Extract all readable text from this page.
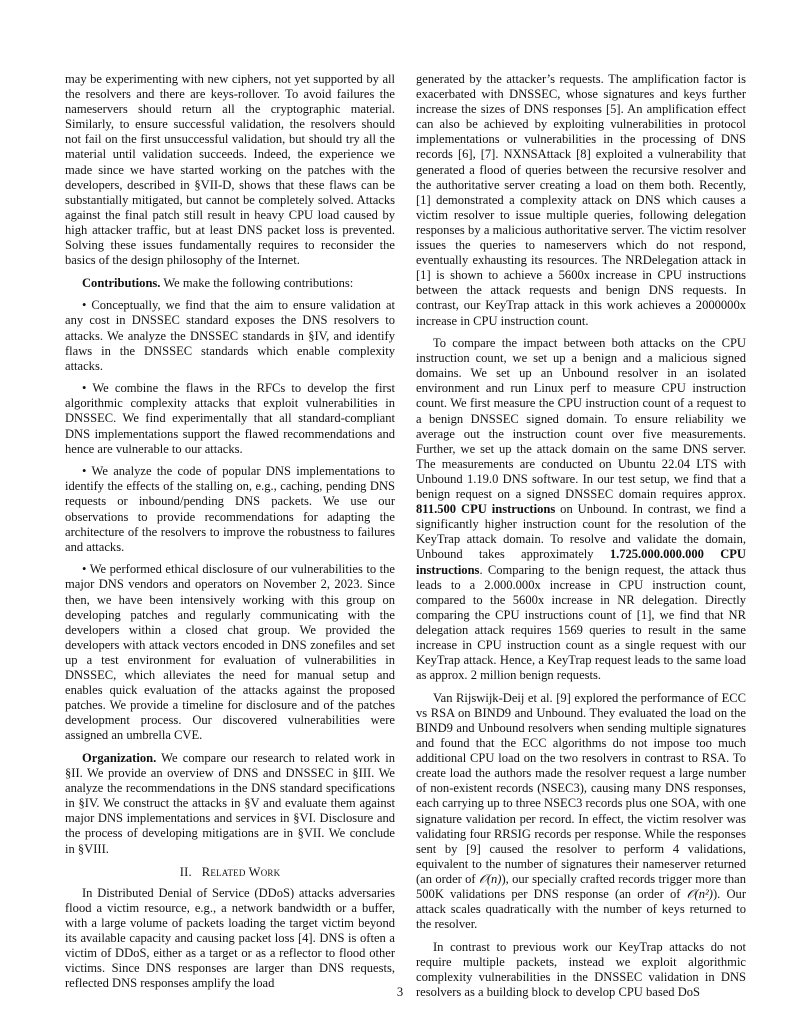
may be experimenting with new ciphers, not yet supported by all the resolvers and there are keys-rollover. To avoid failures the nameservers should return all the cryptographic material. Similarly, to ensure successful validation, the resolvers should not fail on the first unsuccessful validation, but should try all the material until validation succeeds. Indeed, the experience we made since we have started working on the patches with the developers, described in §VII-D, shows that these flaws can be substantially mitigated, but cannot be completely solved. Attacks against the final patch still result in heavy CPU load caused by high attacker traffic, but at least DNS packet loss is prevented. Solving these issues fundamentally requires to reconsider the basics of the design philosophy of the Internet.

Contributions. We make the following contributions:

• Conceptually, we find that the aim to ensure validation at any cost in DNSSEC standard exposes the DNS resolvers to attacks. We analyze the DNSSEC standards in §IV, and identify flaws in the DNSSEC standards which enable complexity attacks.

• We combine the flaws in the RFCs to develop the first algorithmic complexity attacks that exploit vulnerabilities in DNSSEC. We find experimentally that all standard-compliant DNS implementations support the flawed recommendations and hence are vulnerable to our attacks.

• We analyze the code of popular DNS implementations to identify the effects of the stalling on, e.g., caching, pending DNS requests or inbound/pending DNS packets. We use our observations to provide recommendations for adapting the architecture of the resolvers to improve the robustness to failures and attacks.

• We performed ethical disclosure of our vulnerabilities to the major DNS vendors and operators on November 2, 2023. Since then, we have been intensively working with this group on developing patches and regularly communicating with the developers within a closed chat group. We provided the developers with attack vectors encoded in DNS zonefiles and set up a test environment for evaluation of vulnerabilities in DNSSEC, which alleviates the need for manual setup and enables quick evaluation of the attacks against the proposed patches. We provide a timeline for disclosure and of the patches development process. Our discovered vulnerabilities were assigned an umbrella CVE.

Organization. We compare our research to related work in §II. We provide an overview of DNS and DNSSEC in §III. We analyze the recommendations in the DNS standard specifications in §IV. We construct the attacks in §V and evaluate them against major DNS implementations and services in §VI. Disclosure and the process of developing mitigations are in §VII. We conclude in §VIII.

II. Related Work

In Distributed Denial of Service (DDoS) attacks adversaries flood a victim resource, e.g., a network bandwidth or a buffer, with a large volume of packets loading the target victim beyond its available capacity and causing packet loss [4]. DNS is often a victim of DDoS, either as a target or as a reflector to flood other victims. Since DNS responses are larger than DNS requests, reflected DNS responses amplify the load

generated by the attacker’s requests. The amplification factor is exacerbated with DNSSEC, whose signatures and keys further increase the sizes of DNS responses [5]. An amplification effect can also be achieved by exploiting vulnerabilities in protocol implementations or vulnerabilities in the processing of DNS records [6], [7]. NXNSAttack [8] exploited a vulnerability that generated a flood of queries between the recursive resolver and the authoritative server creating a load on them both. Recently, [1] demonstrated a complexity attack on DNS which causes a victim resolver to issue multiple queries, following delegation responses by a malicious authoritative server. The victim resolver issues the queries to nameservers which do not respond, eventually exhausting its resources. The NRDelegation attack in [1] is shown to achieve a 5600x increase in CPU instructions between the attack requests and benign DNS requests. In contrast, our KeyTrap attack in this work achieves a 2000000x increase in CPU instruction count.

To compare the impact between both attacks on the CPU instruction count, we set up a benign and a malicious signed domains. We set up an Unbound resolver in an isolated environment and run Linux perf to measure CPU instruction count. We first measure the CPU instruction count of a request to a benign DNSSEC signed domain. To ensure reliability we average out the instruction count over five measurements. Further, we set up the attack domain on the same DNS server. The measurements are conducted on Ubuntu 22.04 LTS with Unbound 1.19.0 DNS software. In our test setup, we find that a benign request on a signed DNSSEC domain requires approx. 811.500 CPU instructions on Unbound. In contrast, we find a significantly higher instruction count for the resolution of the KeyTrap attack domain. To resolve and validate the domain, Unbound takes approximately 1.725.000.000.000 CPU instructions. Comparing to the benign request, the attack thus leads to a 2.000.000x increase in CPU instruction count, compared to the 5600x increase in NR delegation. Directly comparing the CPU instructions count of [1], we find that NR delegation attack requires 1569 queries to result in the same increase in CPU instruction count as a single request with our KeyTrap attack. Hence, a KeyTrap request leads to the same load as approx. 2 million benign requests.

Van Rijswijk-Deij et al. [9] explored the performance of ECC vs RSA on BIND9 and Unbound. They evaluated the load on the BIND9 and Unbound resolvers when sending multiple signatures and found that the ECC algorithms do not impose too much additional CPU load on the two resolvers in contrast to RSA. To create load the authors made the resolver request a large number of non-existent records (NSEC3), causing many DNS responses, each carrying up to three NSEC3 records plus one SOA, with one signature validation per record. In effect, the victim resolver was validating four RRSIG records per response. While the responses sent by [9] caused the resolver to perform 4 validations, equivalent to the number of signatures their nameserver returned (an order of 𝒪(n)), our specially crafted records trigger more than 500K validations per DNS response (an order of 𝒪(n²)). Our attack scales quadratically with the number of keys returned to the resolver.

In contrast to previous work our KeyTrap attacks do not require multiple packets, instead we exploit algorithmic complexity vulnerabilities in the DNSSEC validation in DNS resolvers as a building block to develop CPU based DoS

3
